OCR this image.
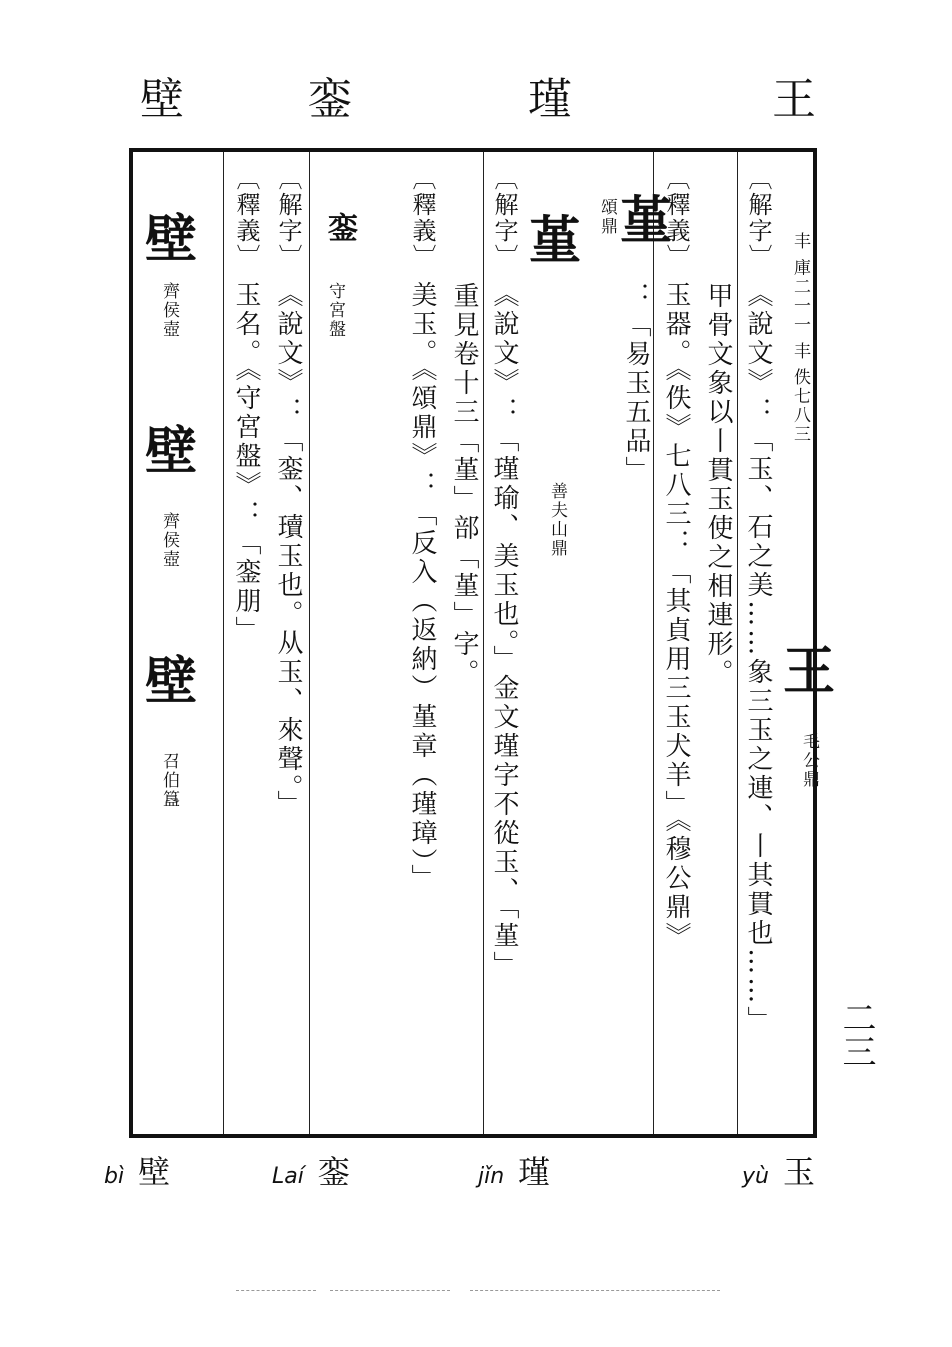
王
瑾
銮
壁
丰 庫二一一 丰 佚七八三
王
毛公鼎
〔解字〕 《說文》：「玉、石之美……象三玉之連、丨其貫也……」
甲骨文象以丨貫玉使之相連形。
〔釋義〕 玉器。《佚》七八三：「其貞用三玉犬羊」《穆公鼎》
：「易玉五品」
堇
頌鼎
堇
善夫山鼎
〔解字〕 《說文》：「瑾瑜、美玉也。」金文瑾字不從玉、「堇」
重見卷十三「堇」部「堇」字。
〔釋義〕 美玉。《頌鼎》：「反入（返納）堇章（瑾璋）」
銮
守宮盤
〔解字〕 《說文》：「銮、瓄玉也。从玉、來聲。」
〔釋義〕 玉名。《守宮盤》：「銮朋」
壁
齊侯壺
壁
齊侯壺
壁
召伯簋
二三
bì 壁	Laí 銮	jǐn 瑾	yù 玉
